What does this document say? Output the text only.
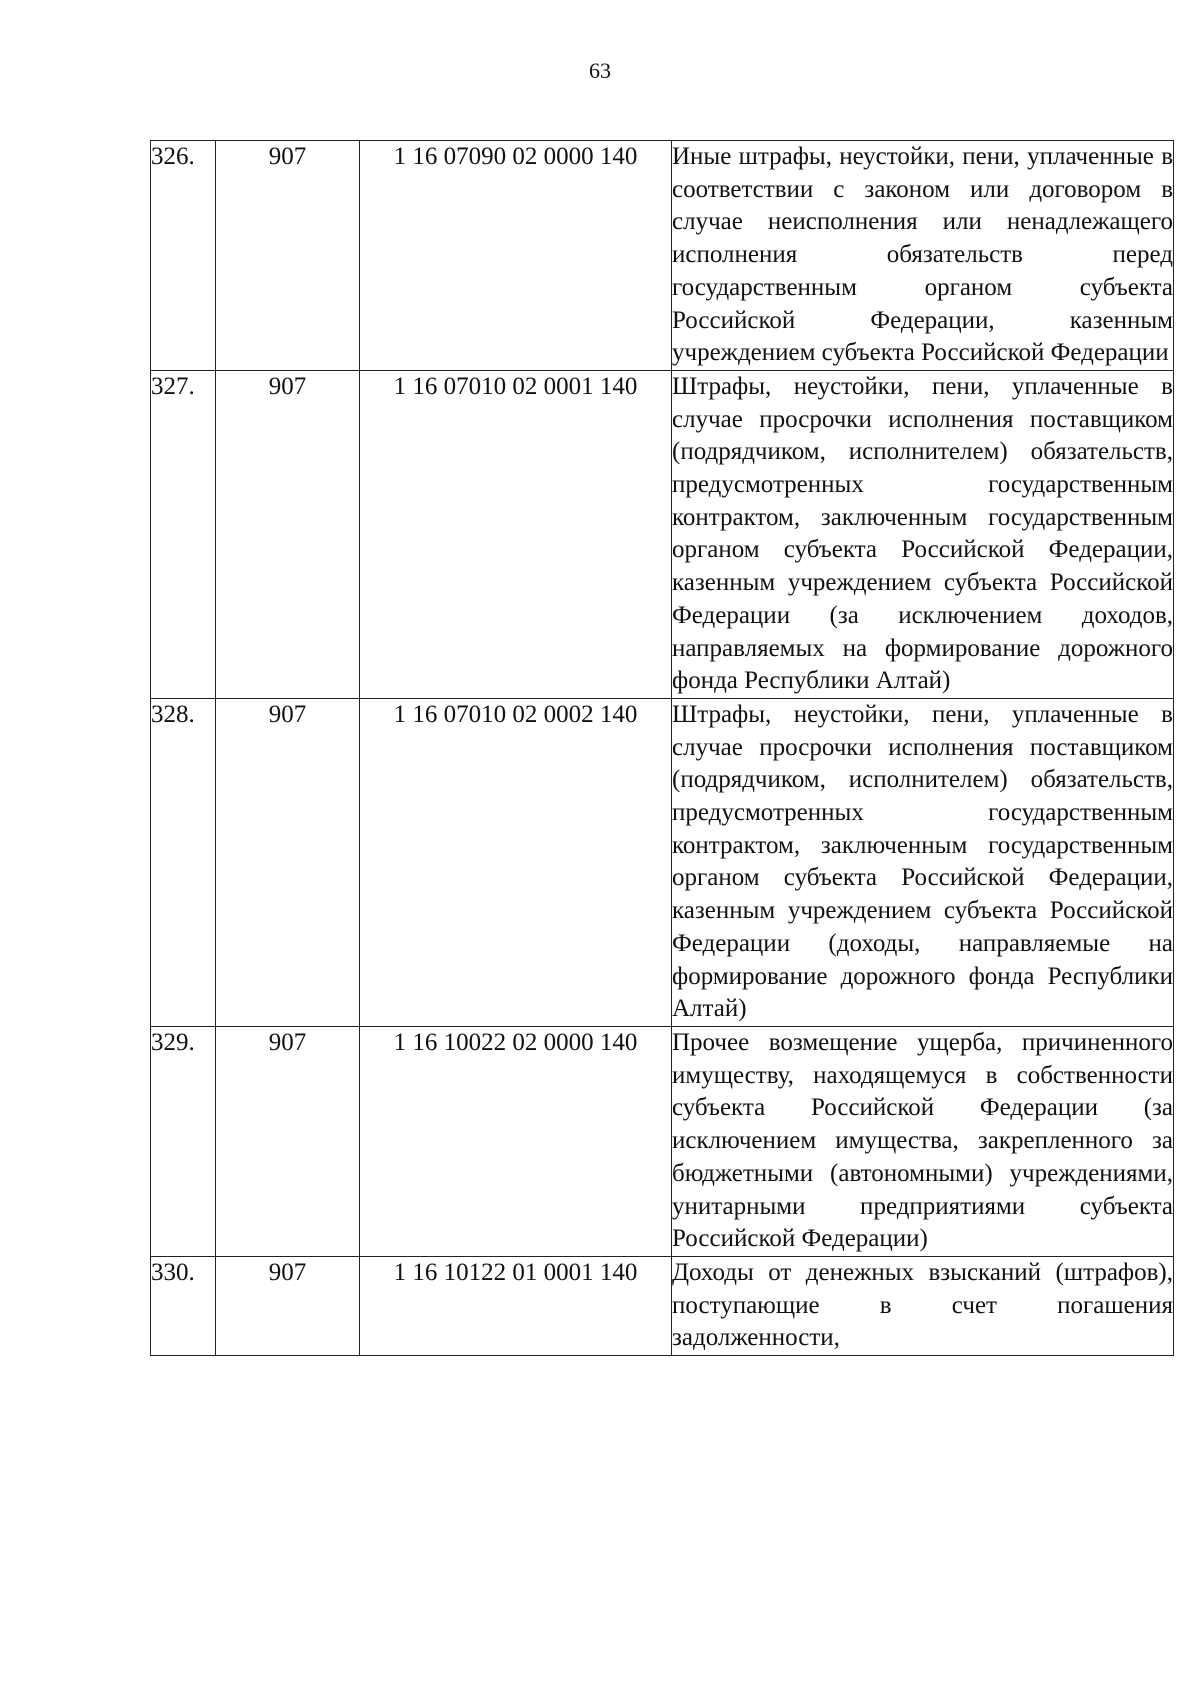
63
326.	907	1 16 07090 02 0000 140	Иные штрафы, неустойки, пени, уплаченные в соответствии с законом или договором в случае неисполнения или ненадлежащего исполнения обязательств перед государственным органом субъекта Российской Федерации, казенным учреждением субъекта Российской Федерации
327.	907	1 16 07010 02 0001 140	Штрафы, неустойки, пени, уплаченные в случае просрочки исполнения поставщиком (подрядчиком, исполнителем) обязательств, предусмотренных государственным контрактом, заключенным государственным органом субъекта Российской Федерации, казенным учреждением субъекта Российской Федерации (за исключением доходов, направляемых на формирование дорожного фонда Республики Алтай)
328.	907	1 16 07010 02 0002 140	Штрафы, неустойки, пени, уплаченные в случае просрочки исполнения поставщиком (подрядчиком, исполнителем) обязательств, предусмотренных государственным контрактом, заключенным государственным органом субъекта Российской Федерации, казенным учреждением субъекта Российской Федерации (доходы, направляемые на формирование дорожного фонда Республики Алтай)
329.	907	1 16 10022 02 0000 140	Прочее возмещение ущерба, причиненного имуществу, находящемуся в собственности субъекта Российской Федерации (за исключением имущества, закрепленного за бюджетными (автономными) учреждениями, унитарными предприятиями субъекта Российской Федерации)
330.	907	1 16 10122 01 0001 140	Доходы от денежных взысканий (штрафов), поступающие в счет погашения задолженности,
